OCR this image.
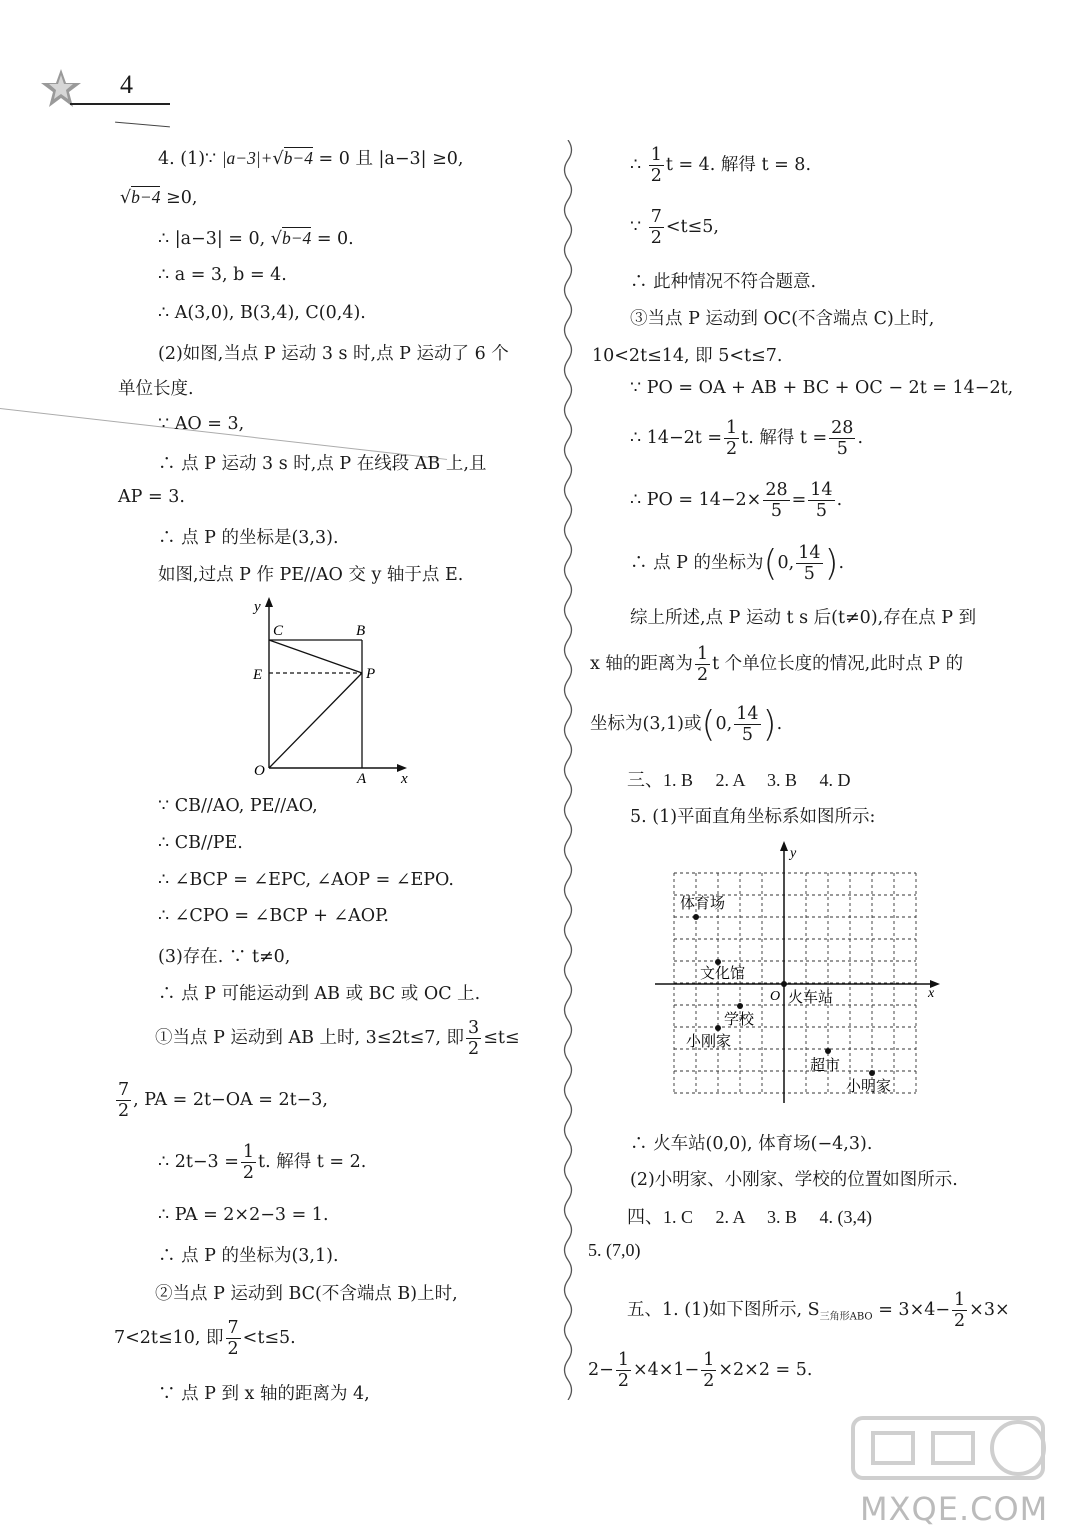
4
4. (1)∵ |a−3|+√b−4 = 0 且 |a−3| ≥0,
√b−4 ≥0,
∴ |a−3| = 0, √b−4 = 0.
∴ a = 3, b = 4.
∴ A(3,0), B(3,4), C(0,4).
(2)如图,当点 P 运动 3 s 时,点 P 运动了 6 个
单位长度.
∵ AO = 3,
∴ 点 P 运动 3 s 时,点 P 在线段 AB 上,且
AP = 3.
∴ 点 P 的坐标是(3,3).
如图,过点 P 作 PE//AO 交 y 轴于点 E.
∵ CB//AO, PE//AO,
∴ CB//PE.
∴ ∠BCP = ∠EPC, ∠AOP = ∠EPO.
∴ ∠CPO = ∠BCP + ∠AOP.
(3)存在. ∵ t≠0,
∴ 点 P 可能运动到 AB 或 BC 或 OC 上.
①当点 P 运动到 AB 上时, 3≤2t≤7, 即 $\frac{3}{2} \le t\le$
$\frac{7}{2}$ , PA = 2t−OA = 2t−3,
∴ $2t-3 = \frac{1}{2} t$. 解得 t = 2.
∴ PA = 2×2−3 = 1.
∴ 点 P 的坐标为(3,1).
②当点 P 运动到 BC(不含端点 B)上时,
7<2t≤10, 即 $\frac{7}{2} <t\le 5$.
∵ 点 P 到 x 轴的距离为 4,
y
x
C	B
E	P
O	A
∴ $\frac{1}{2}$ t = 4. 解得 t = 8.
∵ $\frac{7}{2} <t\le 5$,
∴ 此种情况不符合题意.
③当点 P 运动到 OC(不含端点 C)上时,
10<2t≤14, 即 5<t≤7.
∵ PO = OA + AB + BC + OC − 2t = 14−2t,
∴ $14-2t = \frac{1}{2} t$. 解得 $t = \frac{28}{5}$ .
∴ PO = $14-2\times \frac{28}{5} = \frac{14}{5}$ .
∴ 点 P 的坐标为(0, $\frac{14}{5}$ ).
综上所述,点 P 运动 t s 后(t≠0),存在点 P 到
x 轴的距离为 $\frac{1}{2}$ t 个单位长度的情况,此时点 P 的
坐标为(3,1)或(0, $\frac{14}{5}$ ).
三、1. B     2. A     3. B     4. D
5. (1)平面直角坐标系如图所示:
∴ 火车站(0,0), 体育场(−4,3).
(2)小明家、小刚家、学校的位置如图所示.
四、1. C     2. A     3. B     4. (3,4)
5. (7,0)
五、1. (1)如下图所示, $S_{三角形ABO} = 3\times 4- \frac{1}{2} \times 3\times$
$2- \frac{1}{2} \times 4\times 1- \frac{1}{2} \times 2\times 2 = 5$.
y
x
O
体育场
文化馆
火车站
学校
小刚家
超市
小明家
MXQE.COM
